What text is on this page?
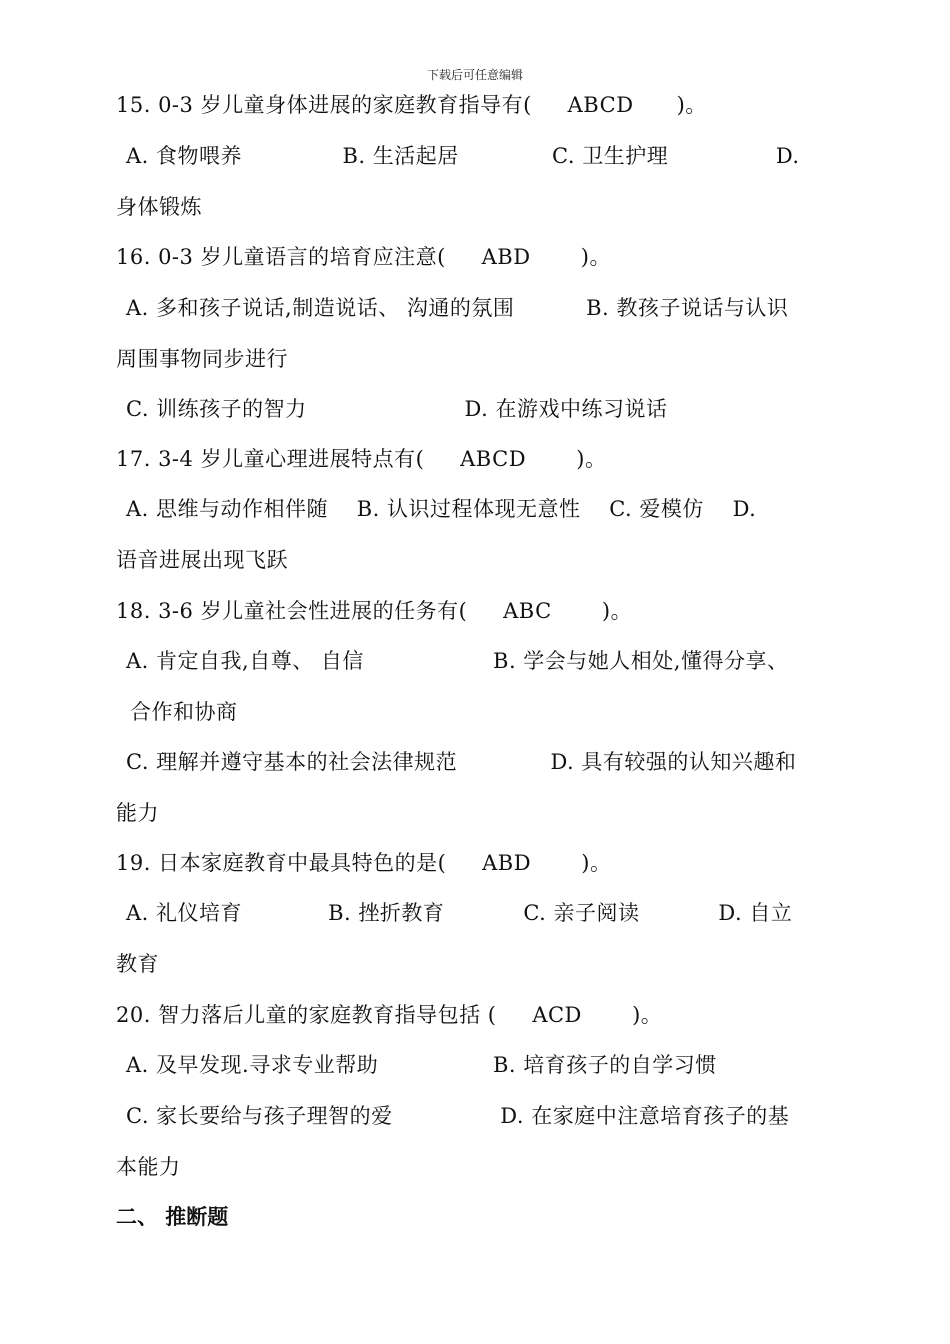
下载后可任意编辑
15. 0-3 岁儿童身体进展的家庭教育指导有(     ABCD      )。
A. 食物喂养              B. 生活起居             C. 卫生护理               D.
身体锻炼
16. 0-3 岁儿童语言的培育应注意(     ABD       )。
A. 多和孩子说话,制造说话、 沟通的氛围          B. 教孩子说话与认识
周围事物同步进行
C. 训练孩子的智力                      D. 在游戏中练习说话
17. 3-4 岁儿童心理进展特点有(     ABCD       )。
A. 思维与动作相伴随    B. 认识过程体现无意性    C. 爱模仿    D.
语音进展出现飞跃
18. 3-6 岁儿童社会性进展的任务有(     ABC       )。
A. 肯定自我,自尊、 自信                  B. 学会与她人相处,懂得分享、
合作和协商
C. 理解并遵守基本的社会法律规范             D. 具有较强的认知兴趣和
能力
19. 日本家庭教育中最具特色的是(     ABD       )。
A. 礼仪培育            B. 挫折教育           C. 亲子阅读           D. 自立
教育
20. 智力落后儿童的家庭教育指导包括 (     ACD       )。
A. 及早发现.寻求专业帮助                B. 培育孩子的自学习惯
C. 家长要给与孩子理智的爱               D. 在家庭中注意培育孩子的基
本能力
二、 推断题
